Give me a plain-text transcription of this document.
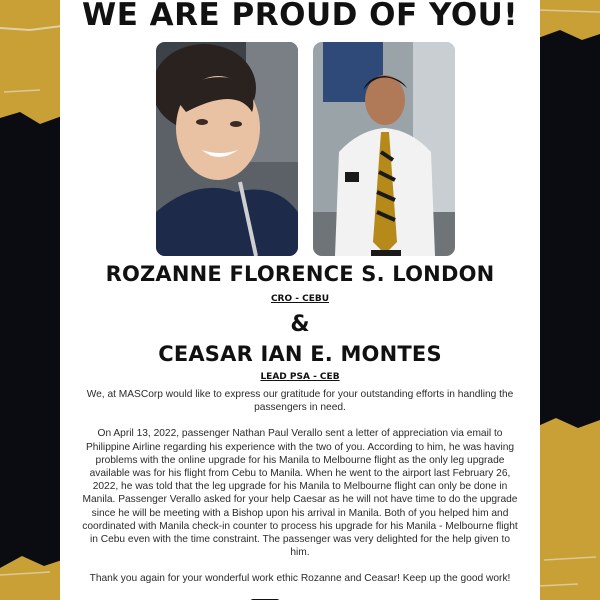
WE ARE PROUD OF YOU!
ROZANNE FLORENCE S. LONDON
CRO - CEBU
&
CEASAR IAN E. MONTES
LEAD PSA - CEB

We, at MASCorp would like to express our gratitude for your outstanding efforts in handling the passengers in need.

On April 13, 2022, passenger Nathan Paul Verallo sent a letter of appreciation via email to Philippine Airline regarding his experience with the two of you. According to him, he was having problems with the online upgrade for his Manila to Melbourne flight as the only leg upgrade available was for his flight from Cebu to Manila. When he went to the airport last February 26, 2022, he was told that the leg upgrade for his Manila to Melbourne flight can only be done in Manila. Passenger Verallo asked for your help Caesar as he will not have time to do the upgrade since he will be meeting with a Bishop upon his arrival in Manila. Both of you helped him and coordinated with Manila check-in counter to process his upgrade for his Manila - Melbourne flight in Cebu even with the time constraint. The passenger was very delighted for the help given to him.

Thank you again for your wonderful work ethic Rozanne and Ceasar! Keep up the good work!
